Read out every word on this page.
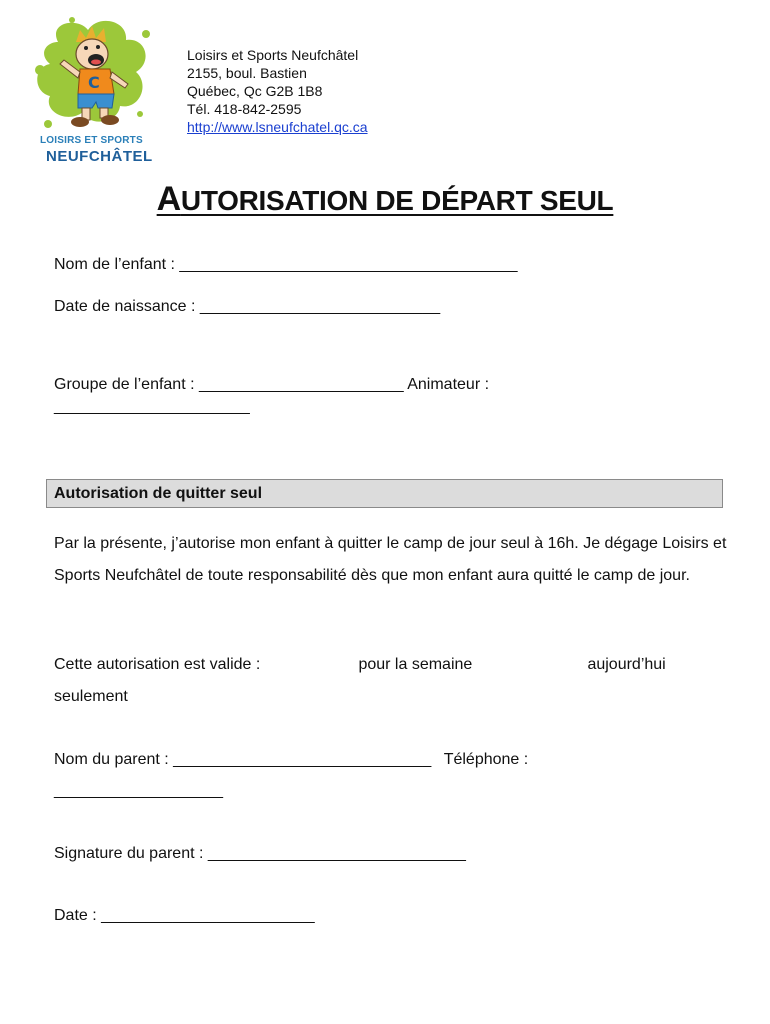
C
LOISIRS ET SPORTS
NEUFCHÂTEL
Loisirs et Sports Neufchâtel
2155, boul. Bastien
Québec, Qc G2B 1B8
Tél. 418-842-2595
http://www.lsneufchatel.qc.ca
AUTORISATION DE DÉPART SEUL
Nom de l’enfant : ______________________________________
Date de naissance : ___________________________
Groupe de l’enfant : _______________________ Animateur :
______________________
Autorisation de quitter seul
Par la présente, j’autorise mon enfant à quitter le camp de jour seul à 16h. Je dégage Loisirs et Sports Neufchâtel de toute responsabilité dès que mon enfant aura quitté le camp de jour.
Cette autorisation est valide :	pour la semaine	aujourd’hui
seulement
Nom du parent : _____________________________ Téléphone :
___________________
Signature du parent : _____________________________
Date : ________________________
